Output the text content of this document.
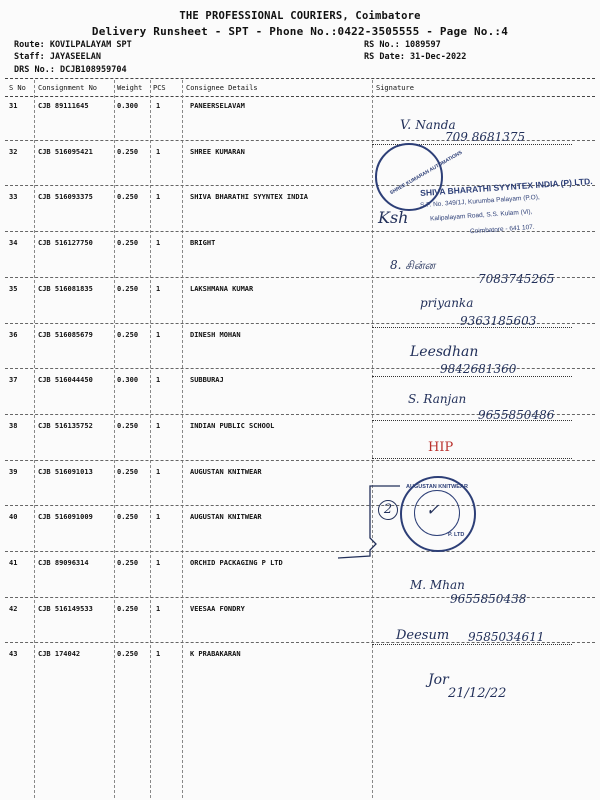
THE PROFESSIONAL COURIERS, Coimbatore
Delivery Runsheet - SPT - Phone No.:0422-3505555 - Page No.:4
Route: KOVILPALAYAM SPT
Staff: JAYASEELAN
DRS No.: DCJB108959704
RS No.: 1089597
RS Date: 31-Dec-2022
S No Consignment No	Weight PCS	Consignee Details	Signature
31	CJB 89111645	0.300	1	PANEERSELAVAM
32	CJB 516095421	0.250	1	SHREE KUMARAN
33	CJB 516093375	0.250	1	SHIVA BHARATHI SYYNTEX INDIA
34	CJB 516127750	0.250	1	BRIGHT
35	CJB 516081835	0.250	1	LAKSHMANA KUMAR
36	CJB 516085679	0.250	1	DINESH MOHAN
37	CJB 516044450	0.300	1	SUBBURAJ
38	CJB 516135752	0.250	1	INDIAN PUBLIC SCHOOL
39	CJB 516091013	0.250	1	AUGUSTAN KNITWEAR
40	CJB 516091009	0.250	1	AUGUSTAN KNITWEAR
41	CJB 89096314	0.250	1	ORCHID PACKAGING P LTD
42	CJB 516149533	0.250	1	VEESAA FONDRY
43	CJB 174042	0.250	1	K PRABAKARAN
V. Nanda
709 8681375
SHREE KUMARAN AUTOMATIONS
SHIVA BHARATHI SYYNTEX INDIA (P) LTD.
S.F. No. 349/1J, Kurumba Palayam (P.O),
Kalipalayam Road, S.S. Kulam (Vi),
Coimbatore - 641 107.
Ksh
8. சின்ன
7083745265
priyanka
9363185603
Leesdhan
9842681360
S. Ranjan
9655850486
HIP
2
AUGUSTAN KNITWEAR
P. LTD
✓
M. Mhan
9655850438
Deesum 9585034611
Jor
21/12/22
